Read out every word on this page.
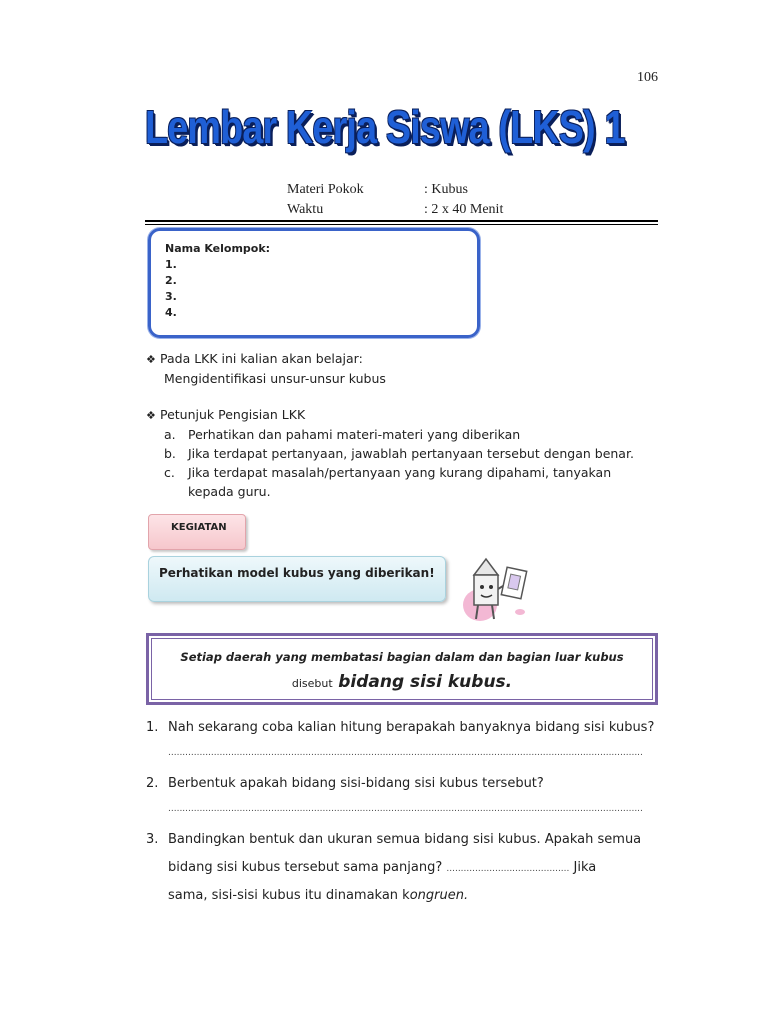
106
Lembar Kerja Siswa (LKS) 1
Materi Pokok	: Kubus
Waktu	: 2 x 40 Menit
Nama Kelompok:
1.
2.
3.
4.
❖ Pada LKK ini kalian akan belajar:
Mengidentifikasi unsur-unsur kubus
❖ Petunjuk Pengisian LKK
a. Perhatikan dan pahami materi-materi yang diberikan
b. Jika terdapat pertanyaan, jawablah pertanyaan tersebut dengan benar.
c.	Jika terdapat masalah/pertanyaan yang kurang dipahami, tanyakan kepada guru.
KEGIATAN
Perhatikan model kubus yang diberikan!
Setiap daerah yang membatasi bagian dalam dan bagian luar kubus
disebut bidang sisi kubus.
1. Nah sekarang coba kalian hitung berapakah banyaknya bidang sisi kubus?
......................................................................................................................................................................
2. Berbentuk apakah bidang sisi-bidang sisi kubus tersebut?
......................................................................................................................................................................
3. Bandingkan bentuk dan ukuran semua bidang sisi kubus. Apakah semua
bidang sisi kubus tersebut sama panjang? ........................................... Jika
sama, sisi-sisi kubus itu dinamakan kongruen.
